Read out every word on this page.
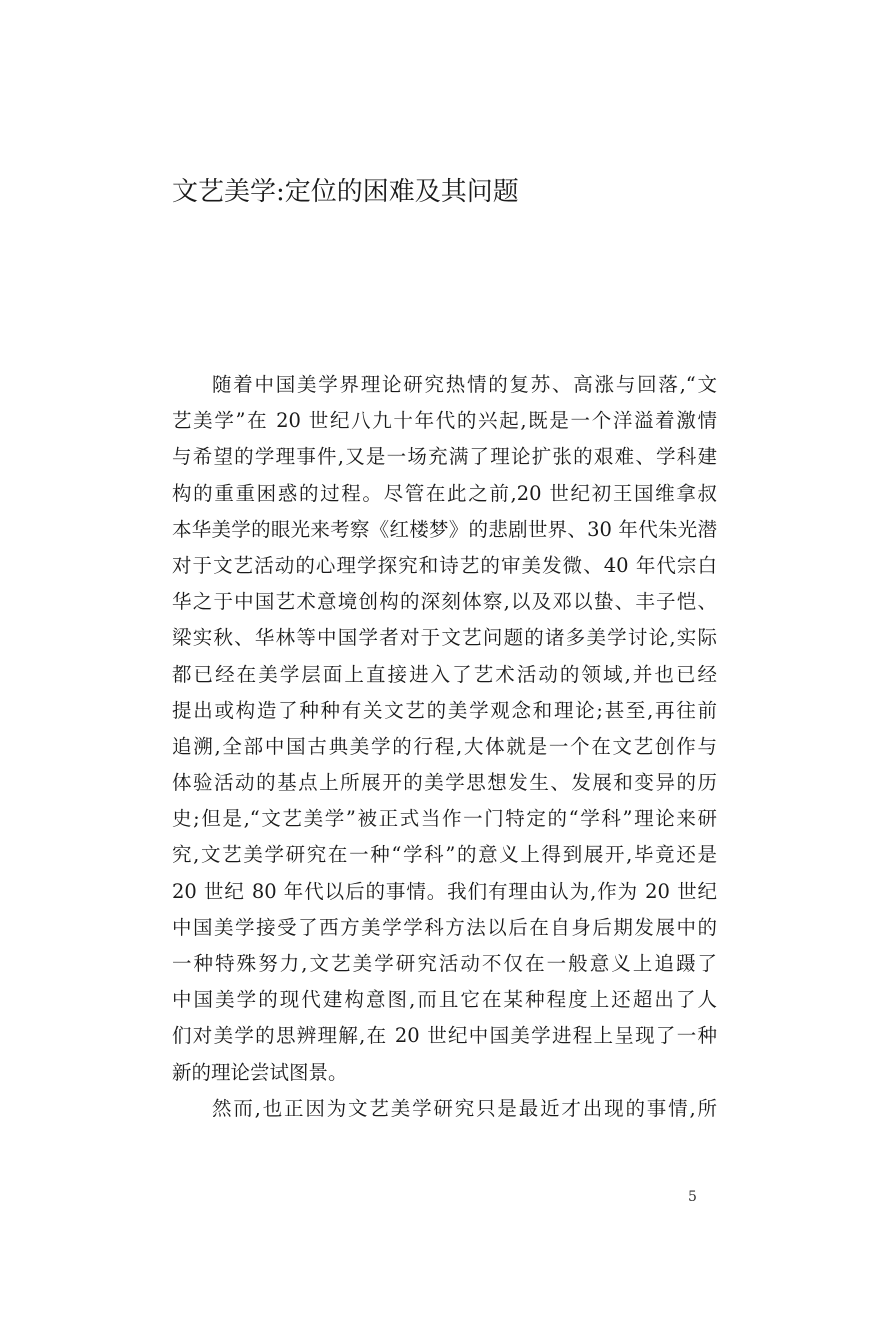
文艺美学:定位的困难及其问题
随着中国美学界理论研究热情的复苏、高涨与回落,“文
艺美学”在 20 世纪八九十年代的兴起,既是一个洋溢着激情
与希望的学理事件,又是一场充满了理论扩张的艰难、学科建
构的重重困惑的过程。尽管在此之前,20 世纪初王国维拿叔
本华美学的眼光来考察《红楼梦》的悲剧世界、30 年代朱光潜
对于文艺活动的心理学探究和诗艺的审美发微、40 年代宗白
华之于中国艺术意境创构的深刻体察,以及邓以蛰、丰子恺、
梁实秋、华林等中国学者对于文艺问题的诸多美学讨论,实际
都已经在美学层面上直接进入了艺术活动的领域,并也已经
提出或构造了种种有关文艺的美学观念和理论;甚至,再往前
追溯,全部中国古典美学的行程,大体就是一个在文艺创作与
体验活动的基点上所展开的美学思想发生、发展和变异的历
史;但是,“文艺美学”被正式当作一门特定的“学科”理论来研
究,文艺美学研究在一种“学科”的意义上得到展开,毕竟还是
20 世纪 80 年代以后的事情。我们有理由认为,作为 20 世纪
中国美学接受了西方美学学科方法以后在自身后期发展中的
一种特殊努力,文艺美学研究活动不仅在一般意义上追蹑了
中国美学的现代建构意图,而且它在某种程度上还超出了人
们对美学的思辨理解,在 20 世纪中国美学进程上呈现了一种
新的理论尝试图景。
然而,也正因为文艺美学研究只是最近才出现的事情,所
5
